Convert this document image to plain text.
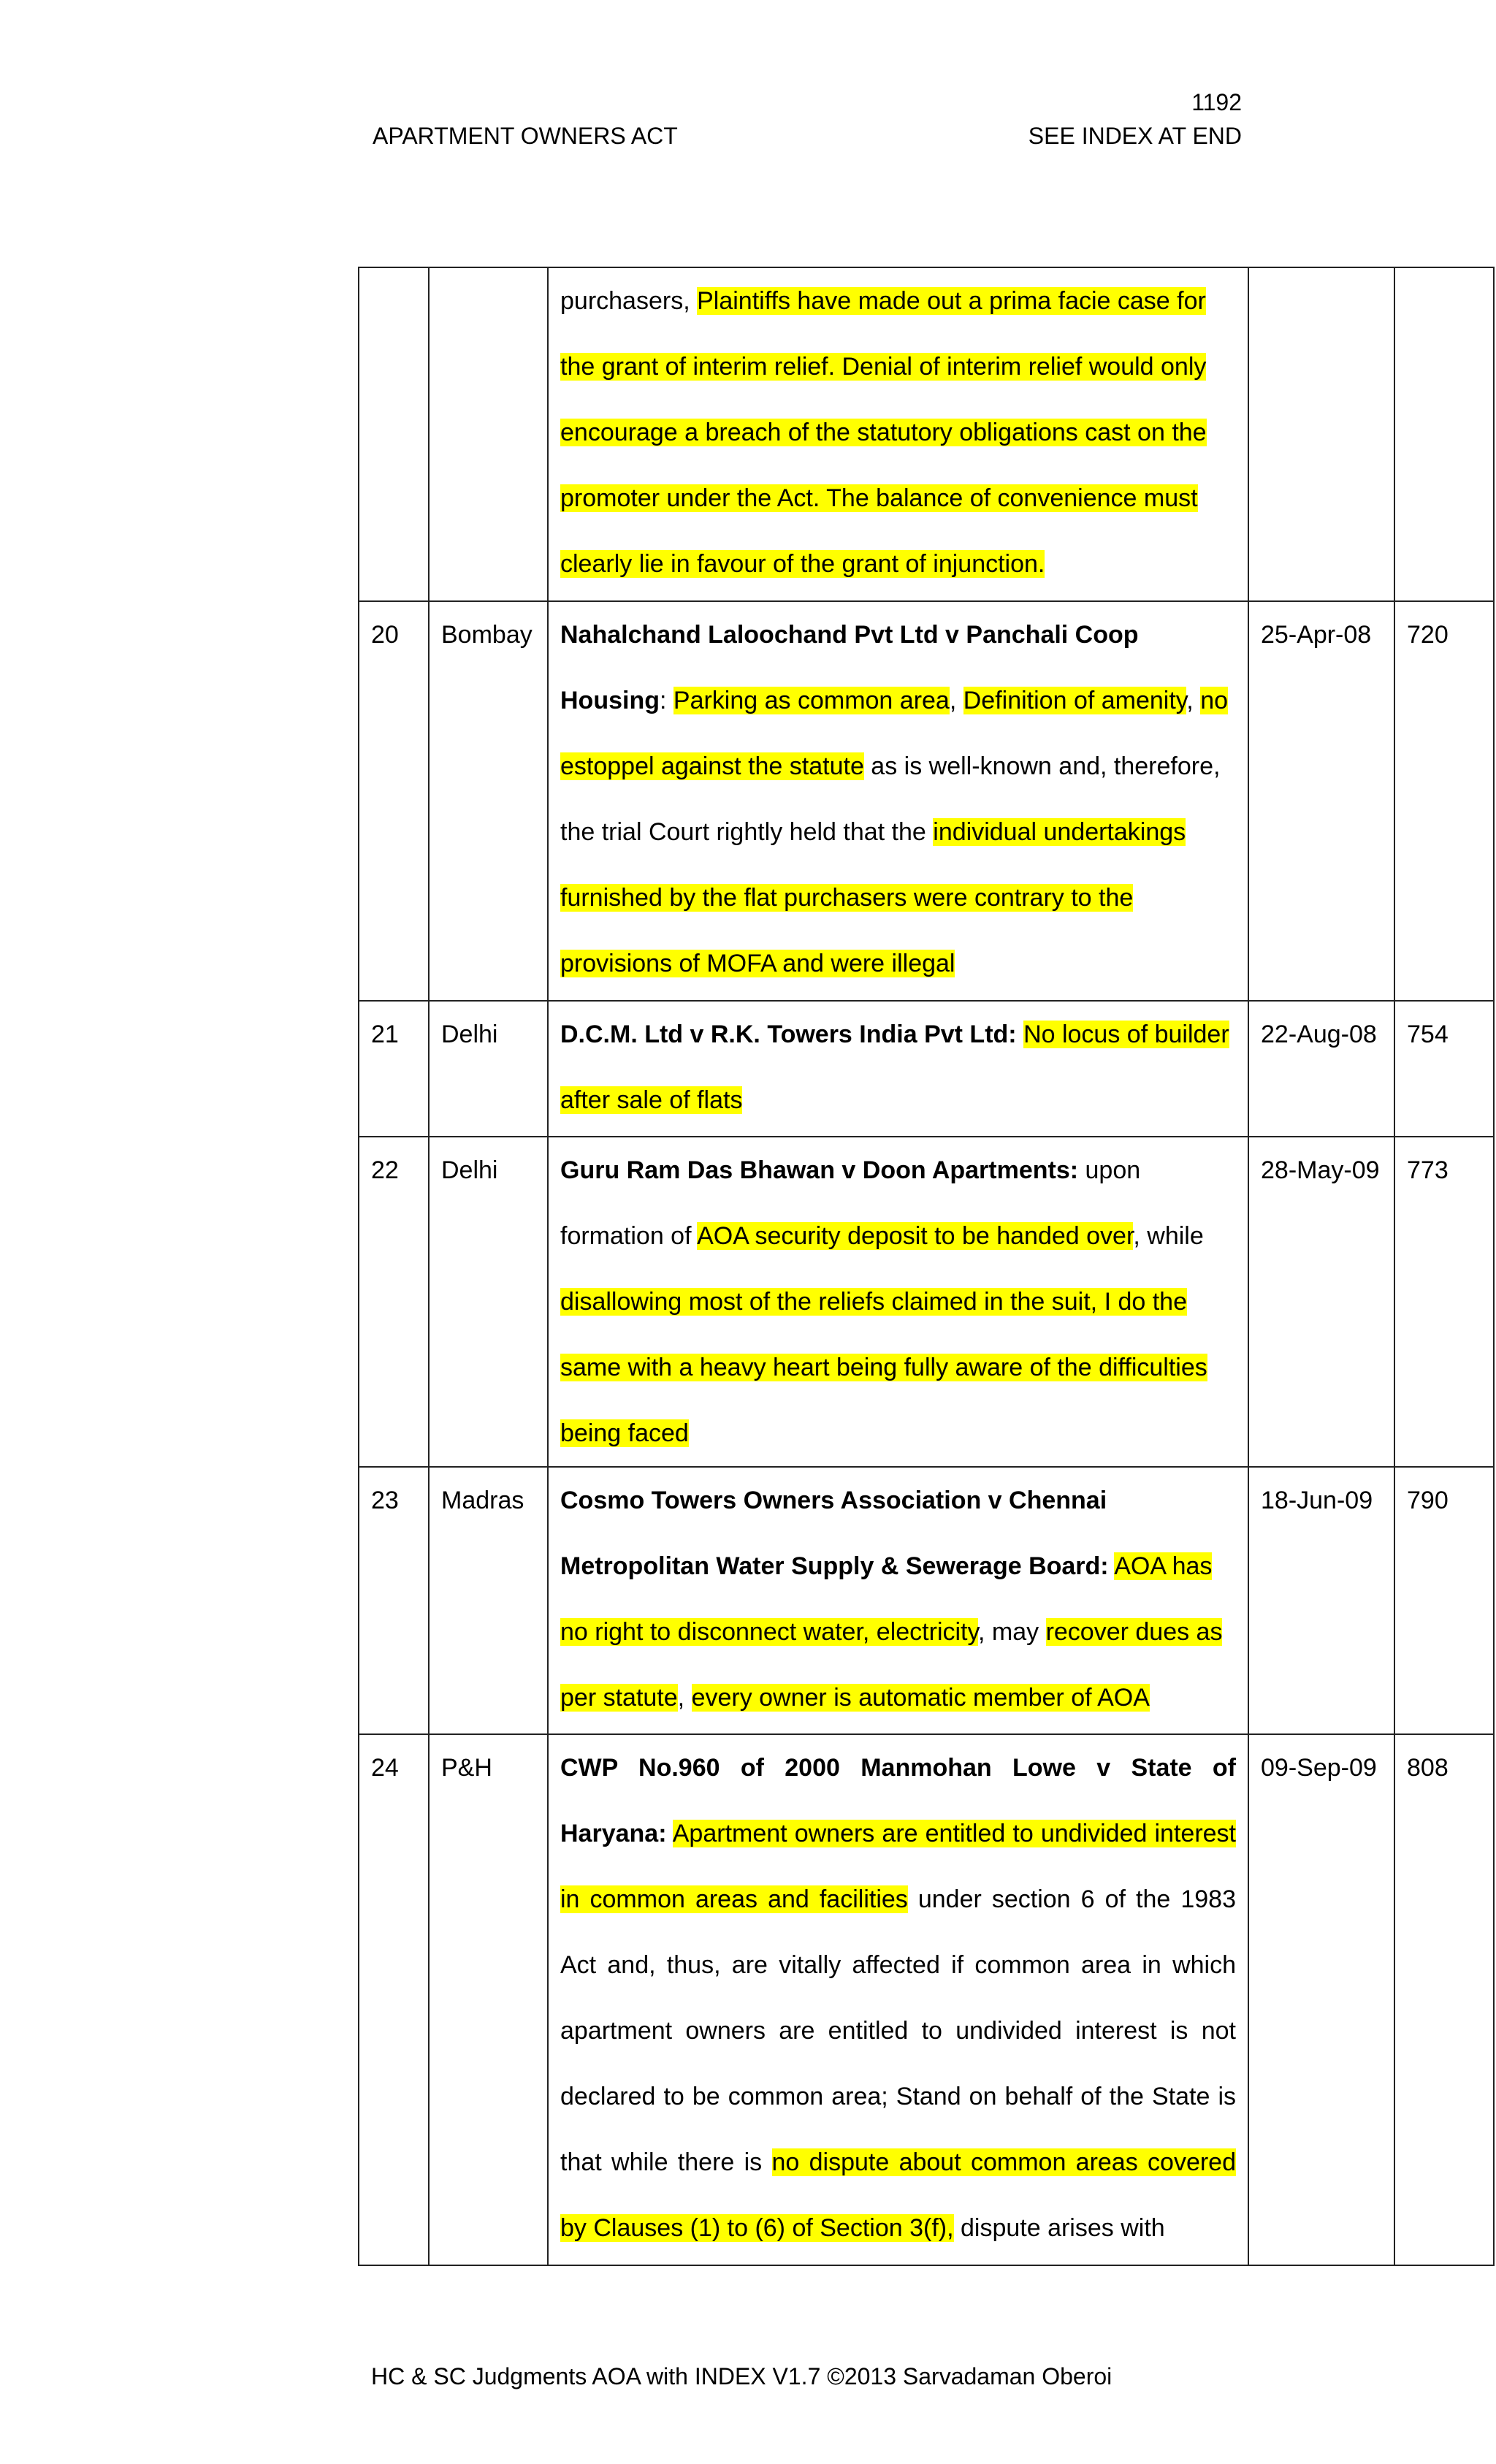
1192
APARTMENT OWNERS ACT	SEE INDEX AT END
		purchasers, Plaintiffs have made out a prima facie case for the grant of interim relief. Denial of interim relief would only encourage a breach of the statutory obligations cast on the promoter under the Act. The balance of convenience must clearly lie in favour of the grant of injunction.		
20	Bombay	Nahalchand Laloochand Pvt Ltd v Panchali Coop Housing: Parking as common area, Definition of amenity, no estoppel against the statute as is well-known and, therefore, the trial Court rightly held that the individual undertakings furnished by the flat purchasers were contrary to the provisions of MOFA and were illegal	25-Apr-08	720
21	Delhi	D.C.M. Ltd v R.K. Towers India Pvt Ltd: No locus of builder after sale of flats	22-Aug-08	754
22	Delhi	Guru Ram Das Bhawan v Doon Apartments: upon formation of AOA security deposit to be handed over, while disallowing most of the reliefs claimed in the suit, I do the same with a heavy heart being fully aware of the difficulties being faced	28-May-09	773
23	Madras	Cosmo Towers Owners Association v Chennai Metropolitan Water Supply & Sewerage Board: AOA has no right to disconnect water, electricity, may recover dues as per statute, every owner is automatic member of AOA	18-Jun-09	790
24	P&H	CWP No.960 of 2000 Manmohan Lowe v State of Haryana: Apartment owners are entitled to undivided interest in common areas and facilities under section 6 of the 1983 Act and, thus, are vitally affected if common area in which apartment owners are entitled to undivided interest is not declared to be common area; Stand on behalf of the State is that while there is no dispute about common areas covered by Clauses (1) to (6) of Section 3(f), dispute arises with	09-Sep-09	808
HC & SC Judgments AOA with INDEX V1.7 ©2013 Sarvadaman Oberoi
